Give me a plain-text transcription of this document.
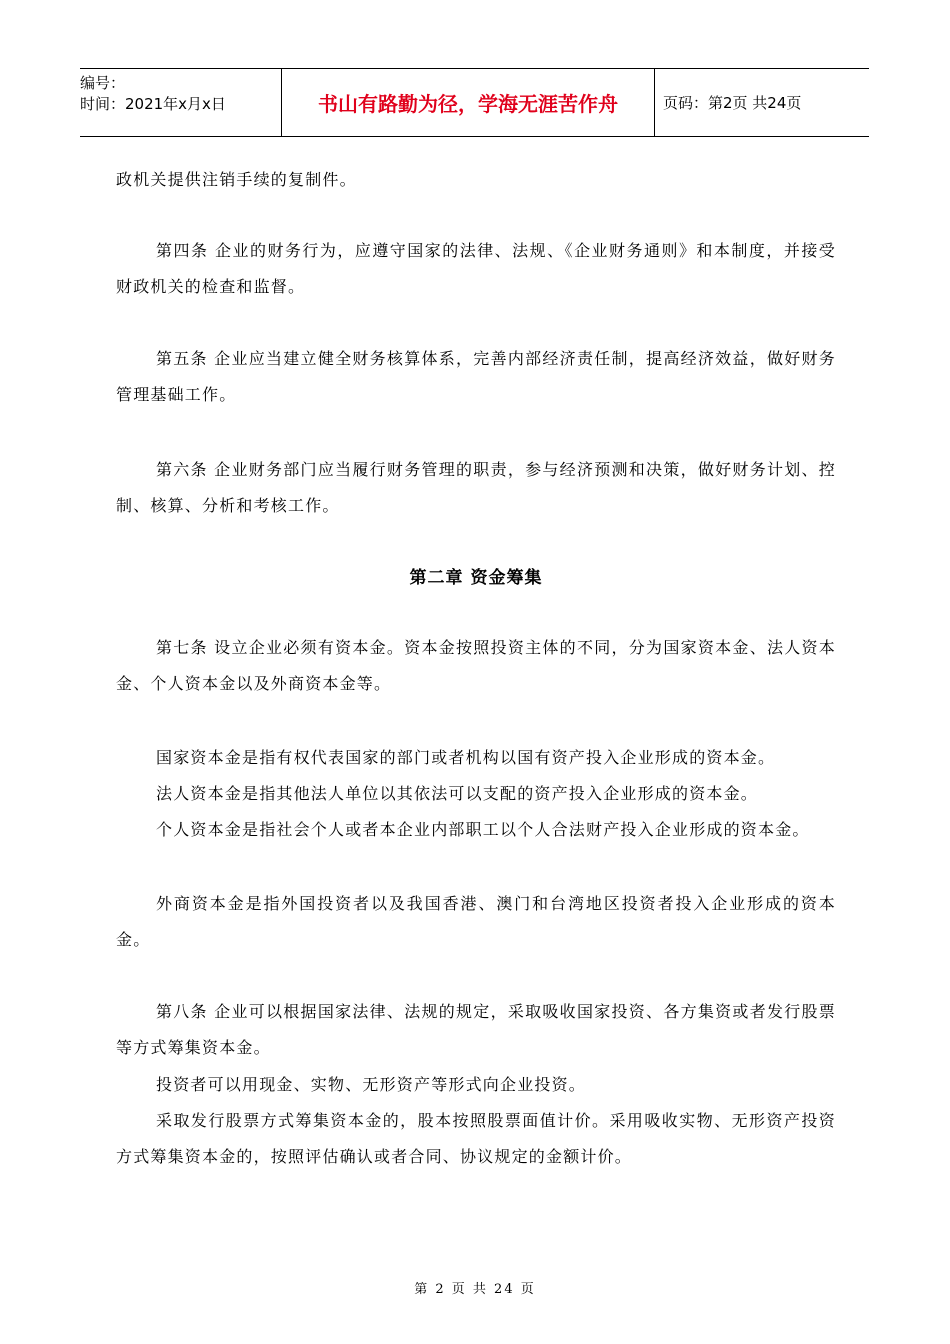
编号：
时间：2021年x月x日	书山有路勤为径，学海无涯苦作舟	页码：第2页 共24页
政机关提供注销手续的复制件。
第四条 企业的财务行为，应遵守国家的法律、法规、《企业财务通则》和本制度，并接受财政机关的检查和监督。
第五条 企业应当建立健全财务核算体系，完善内部经济责任制，提高经济效益，做好财务管理基础工作。
第六条 企业财务部门应当履行财务管理的职责，参与经济预测和决策，做好财务计划、控制、核算、分析和考核工作。
第二章 资金筹集
第七条 设立企业必须有资本金。资本金按照投资主体的不同，分为国家资本金、法人资本金、个人资本金以及外商资本金等。
国家资本金是指有权代表国家的部门或者机构以国有资产投入企业形成的资本金。
法人资本金是指其他法人单位以其依法可以支配的资产投入企业形成的资本金。
个人资本金是指社会个人或者本企业内部职工以个人合法财产投入企业形成的资本金。
外商资本金是指外国投资者以及我国香港、澳门和台湾地区投资者投入企业形成的资本金。
第八条 企业可以根据国家法律、法规的规定，采取吸收国家投资、各方集资或者发行股票等方式筹集资本金。
投资者可以用现金、实物、无形资产等形式向企业投资。
采取发行股票方式筹集资本金的，股本按照股票面值计价。采用吸收实物、无形资产投资方式筹集资本金的，按照评估确认或者合同、协议规定的金额计价。
第 2 页 共 24 页
